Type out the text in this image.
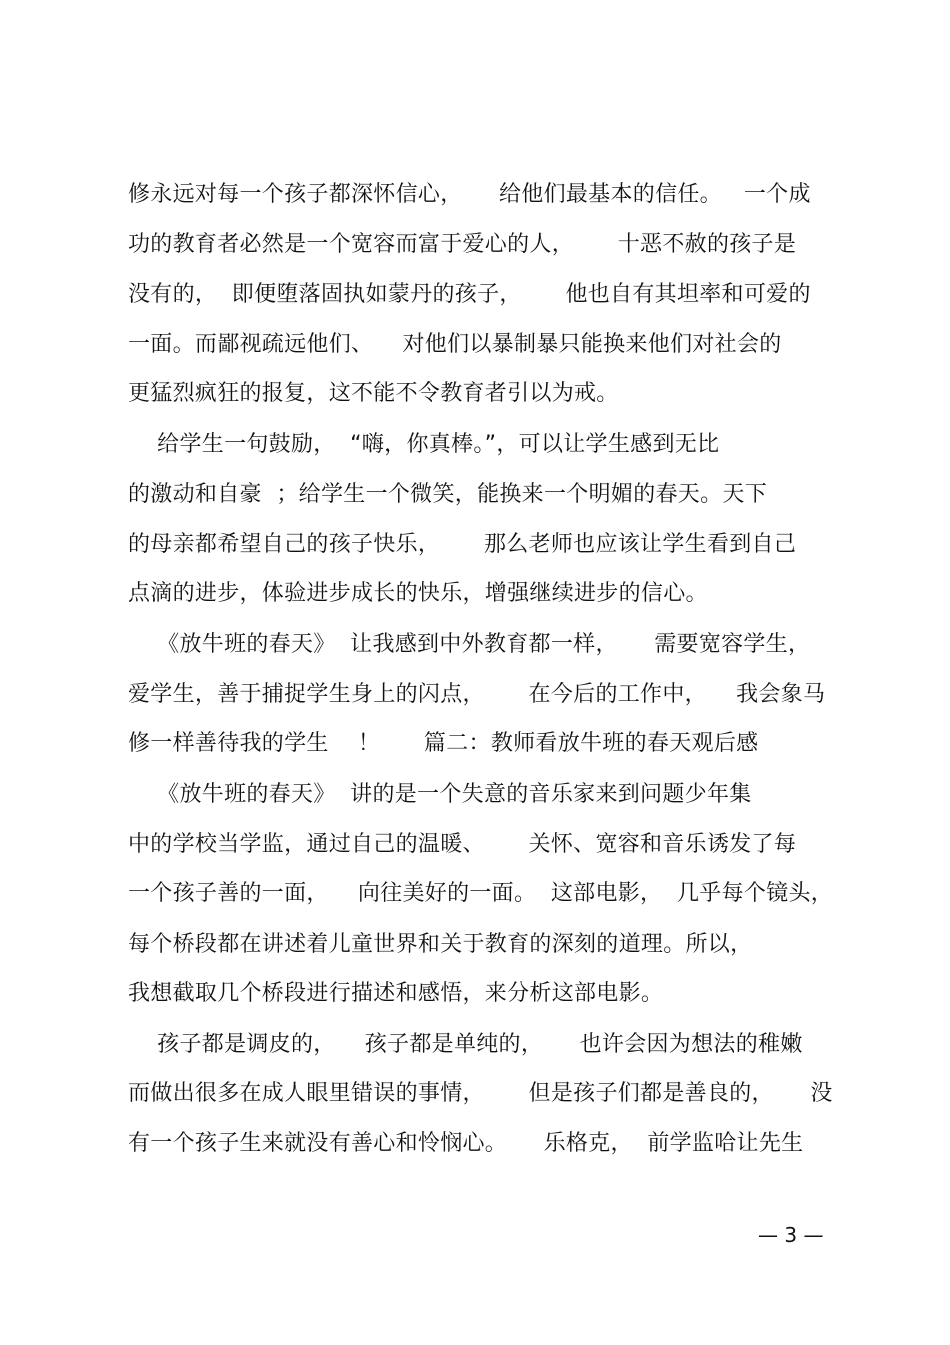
修永远对每一个孩子都深怀信心，     给他们最基本的信任。   一个成
功的教育者必然是一个宽容而富于爱心的人，      十恶不赦的孩子是
没有的，  即便堕落固执如蒙丹的孩子，      他也自有其坦率和可爱的
一面。而鄙视疏远他们、    对他们以暴制暴只能换来他们对社会的
更猛烈疯狂的报复，这不能不令教育者引以为戒。
给学生一句鼓励，  “嗨，你真棒。”，可以让学生感到无比
的激动和自豪  ；给学生一个微笑，能换来一个明媚的春天。天下
的母亲都希望自己的孩子快乐，      那么老师也应该让学生看到自己
点滴的进步，体验进步成长的快乐，增强继续进步的信心。
《放牛班的春天》  让我感到中外教育都一样，     需要宽容学生，
爱学生，善于捕捉学生身上的闪点，      在今后的工作中，    我会象马
修一样善待我的学生    ！      篇二：教师看放牛班的春天观后感
《放牛班的春天》  讲的是一个失意的音乐家来到问题少年集
中的学校当学监，通过自己的温暖、      关怀、宽容和音乐诱发了每
一个孩子善的一面，    向往美好的一面。  这部电影，  几乎每个镜头，
每个桥段都在讲述着儿童世界和关于教育的深刻的道理。所以，
我想截取几个桥段进行描述和感悟，来分析这部电影。
孩子都是调皮的，    孩子都是单纯的，     也许会因为想法的稚嫩
而做出很多在成人眼里错误的事情，      但是孩子们都是善良的，     没
有一个孩子生来就没有善心和怜悯心。     乐格克，  前学监哈让先生
— 3 —
